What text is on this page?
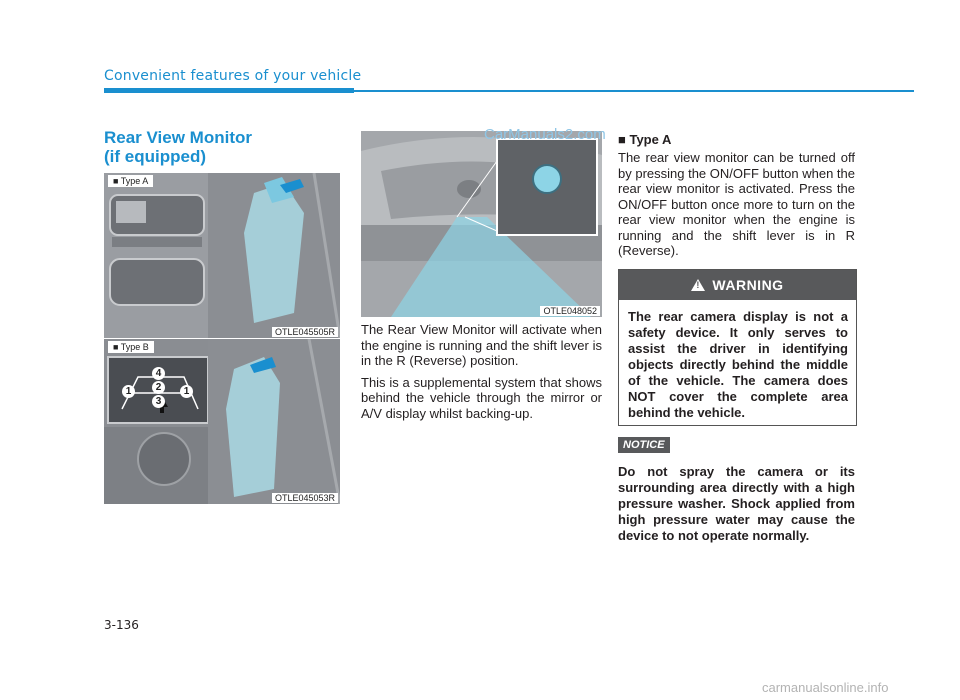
Convenient features of your vehicle
Rear View Monitor
(if equipped)
■ Type A
OTLE045505R
■ Type B
OTLE045053R
4
2
1	1
3
OTLE048052
CarManuals2.com

The Rear View Monitor will activate when the engine is running and the shift lever is in the R (Reverse) position.

This is a supplemental system that shows behind the vehicle through the mirror or A/V display whilst backing-up.

■ Type A
The rear view monitor can be turned off by pressing the ON/OFF button when the rear view monitor is activated. Press the ON/OFF button once more to turn on the rear view monitor when the engine is running and the shift lever is in R (Reverse).
!
WARNING
The rear camera display is not a safety device. It only serves to assist the driver in identifying objects directly behind the middle of the vehicle. The camera does NOT cover the complete area behind the vehicle.
NOTICE
Do not spray the camera or its surrounding area directly with a high pressure washer. Shock applied from high pressure water may cause the device to not operate normally.
3-136
carmanualsonline.info
